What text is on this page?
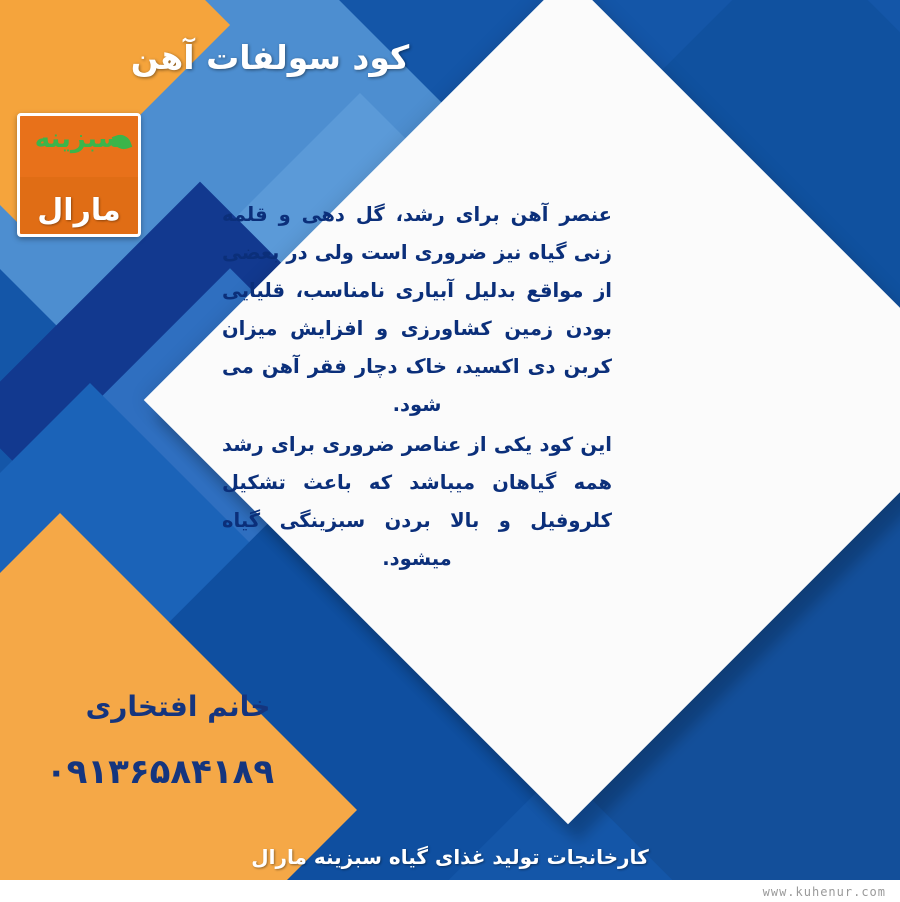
کود سولفات آهن
سبزینه
مارال	عنصر آهن برای رشد، گل دهی و قلمه زنی گیاه نیز ضروری است ولی در بعضی از مواقع بدلیل آبیاری نامناسب، قلیایی بودن زمین کشاورزی و افزایش میزان کربن دی اکسید، خاک دچار فقر آهن می شود.

این کود یکی از عناصر ضروری برای رشد همه گیاهان میباشد که باعث تشکیل کلروفیل و بالا بردن سبزینگی گیاه میشود.

خانم افتخاری
۰۹۱۳۶۵۸۴۱۸۹
کارخانجات تولید غذای گیاه سبزینه مارال
www.kuhenur.com
